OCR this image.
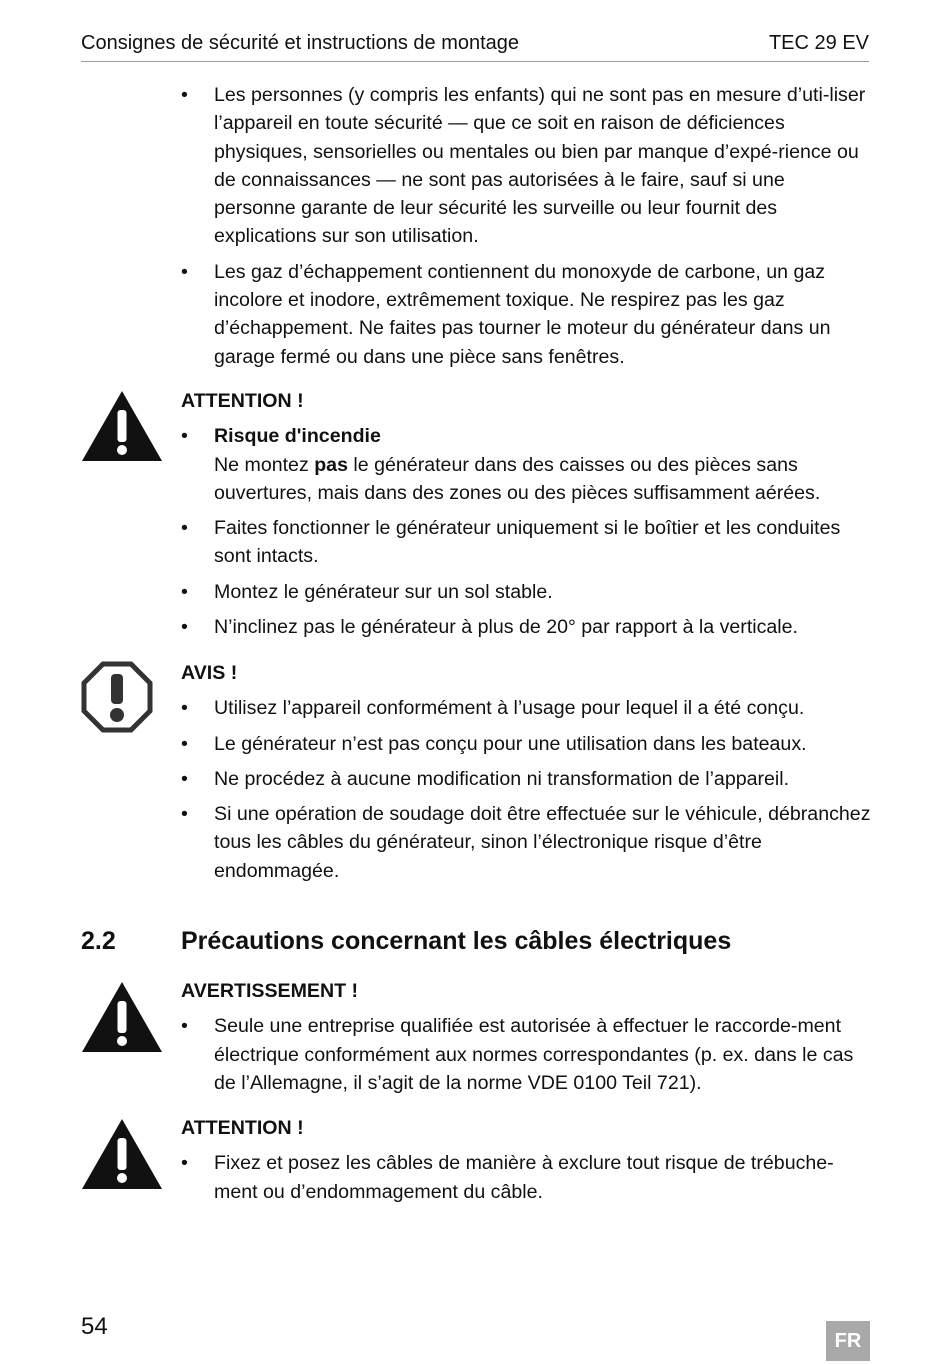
Consignes de sécurité et instructions de montage	TEC 29 EV
• Les personnes (y compris les enfants) qui ne sont pas en mesure d’uti-liser l’appareil en toute sécurité — que ce soit en raison de déficiences physiques, sensorielles ou mentales ou bien par manque d’expé-rience ou de connaissances — ne sont pas autorisées à le faire, sauf si une personne garante de leur sécurité les surveille ou leur fournit des explications sur son utilisation.
• Les gaz d’échappement contiennent du monoxyde de carbone, un gaz incolore et inodore, extrêmement toxique. Ne respirez pas les gaz d’échappement. Ne faites pas tourner le moteur du générateur dans un garage fermé ou dans une pièce sans fenêtres.

ATTENTION !

• Risque d'incendie
Ne montez pas le générateur dans des caisses ou des pièces sans ouvertures, mais dans des zones ou des pièces suffisamment aérées.
• Faites fonctionner le générateur uniquement si le boîtier et les conduites sont intacts.
• Montez le générateur sur un sol stable.
• N’inclinez pas le générateur à plus de 20° par rapport à la verticale.

AVIS !

• Utilisez l’appareil conformément à l’usage pour lequel il a été conçu.
• Le générateur n’est pas conçu pour une utilisation dans les bateaux.
• Ne procédez à aucune modification ni transformation de l’appareil.
• Si une opération de soudage doit être effectuée sur le véhicule, débranchez tous les câbles du générateur, sinon l’électronique risque d’être endommagée.
2.2	Précautions concernant les câbles électriques

AVERTISSEMENT !

• Seule une entreprise qualifiée est autorisée à effectuer le raccorde-ment électrique conformément aux normes correspondantes (p. ex. dans le cas de l’Allemagne, il s’agit de la norme VDE 0100 Teil 721).

ATTENTION !

• Fixez et posez les câbles de manière à exclure tout risque de trébuche-ment ou d’endommagement du câble.
54
FR
